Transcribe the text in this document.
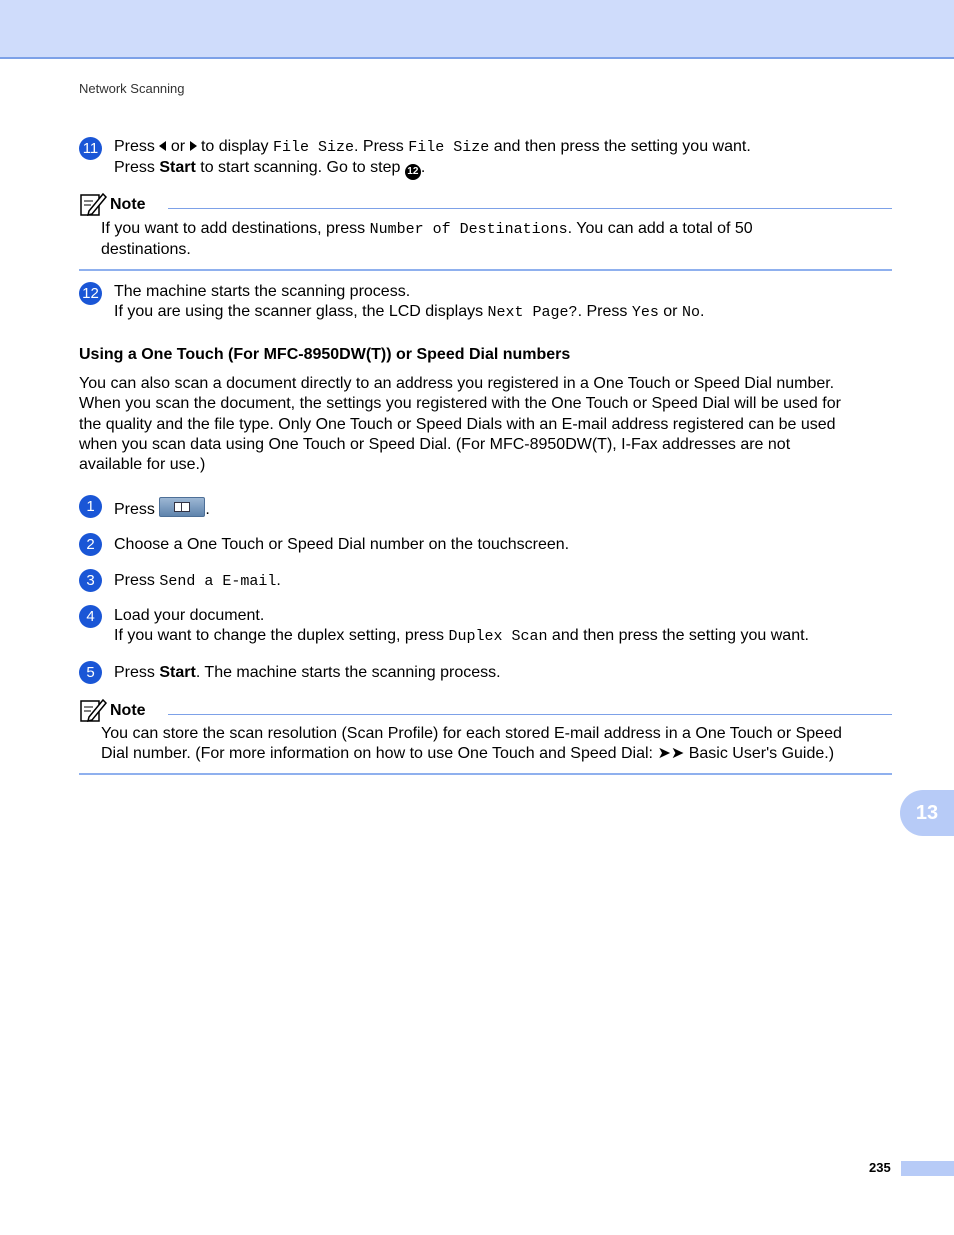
Network Scanning
11 Press or to display File Size. Press File Size and then press the setting you want.
Press Start to start scanning. Go to step 12 .
Note
If you want to add destinations, press Number of Destinations. You can add a total of 50
destinations.
12 The machine starts the scanning process.
If you are using the scanner glass, the LCD displays Next Page?. Press Yes or No.
Using a One Touch (For MFC-8950DW(T)) or Speed Dial numbers
You can also scan a document directly to an address you registered in a One Touch or Speed Dial number.
When you scan the document, the settings you registered with the One Touch or Speed Dial will be used for
the quality and the file type. Only One Touch or Speed Dials with an E-mail address registered can be used
when you scan data using One Touch or Speed Dial. (For MFC-8950DW(T), I-Fax addresses are not
available for use.)
1	Press	.
2	Choose a One Touch or Speed Dial number on the touchscreen.
3	Press Send a E-mail.
4	Load your document.
If you want to change the duplex setting, press Duplex Scan and then press the setting you want.
5	Press Start. The machine starts the scanning process.
Note
You can store the scan resolution (Scan Profile) for each stored E-mail address in a One Touch or Speed
Dial number. (For more information on how to use One Touch and Speed Dial: ➤➤ Basic User's Guide.)
13
235
